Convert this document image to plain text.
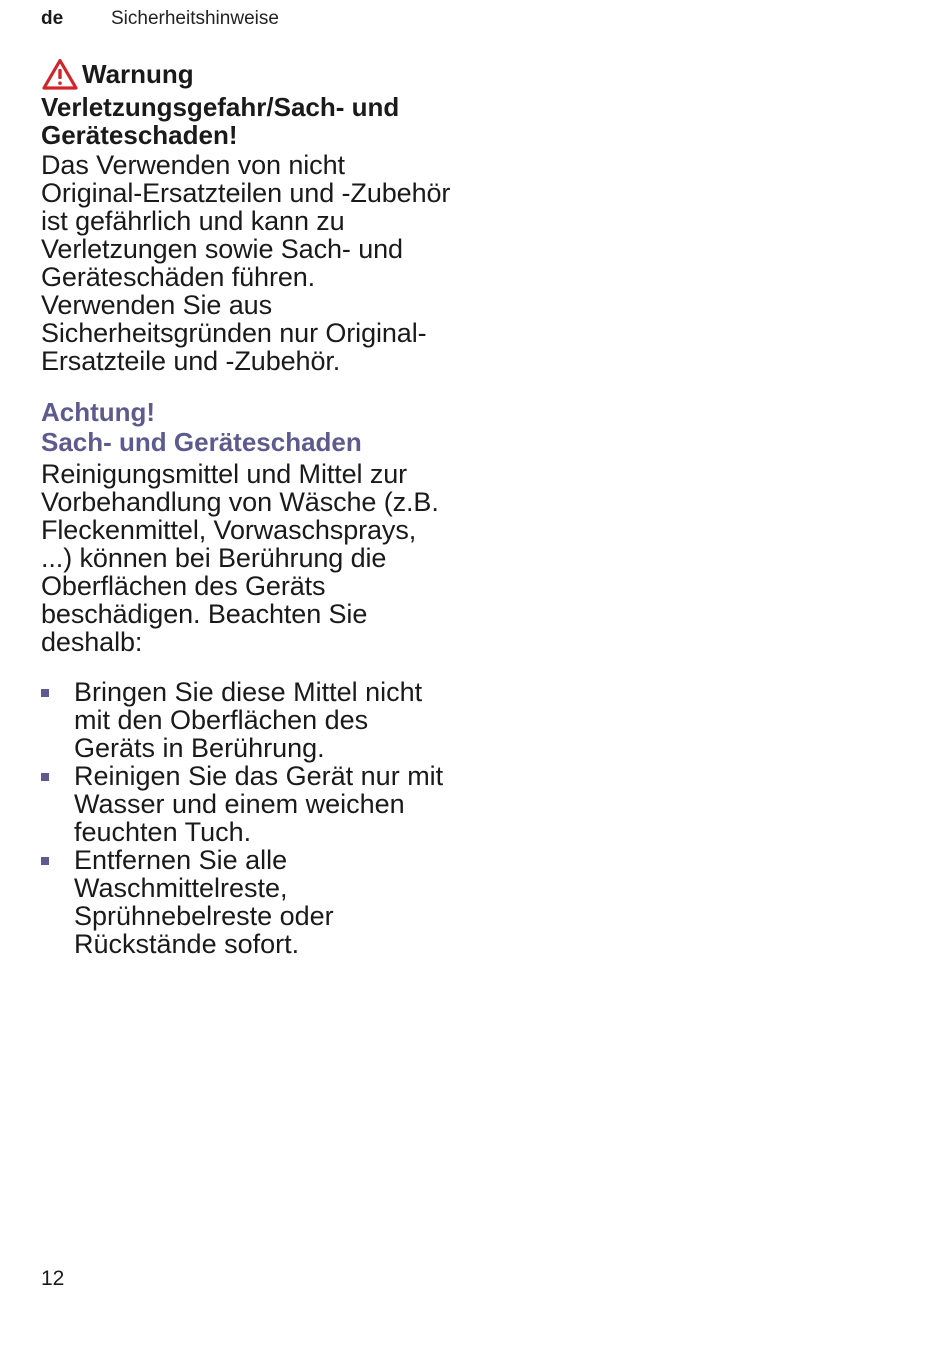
de	Sicherheitshinweise
Warnung
Verletzungsgefahr/Sach- und Geräteschaden!

Das Verwenden von nicht Original-Ersatzteilen und -Zubehör ist gefährlich und kann zu Verletzungen sowie Sach- und Geräteschäden führen. Verwenden Sie aus Sicherheitsgründen nur Original-Ersatzteile und -Zubehör.

Achtung!
Sach- und Geräteschaden

Reinigungsmittel und Mittel zur Vorbehandlung von Wäsche (z.B. Fleckenmittel, Vorwaschsprays, ...) können bei Berührung die Oberflächen des Geräts beschädigen. Beachten Sie deshalb:

Bringen Sie diese Mittel nicht mit den Oberflächen des Geräts in Berührung.
Reinigen Sie das Gerät nur mit Wasser und einem weichen feuchten Tuch.
Entfernen Sie alle Waschmittelreste, Sprühnebelreste oder Rückstände sofort.
12
